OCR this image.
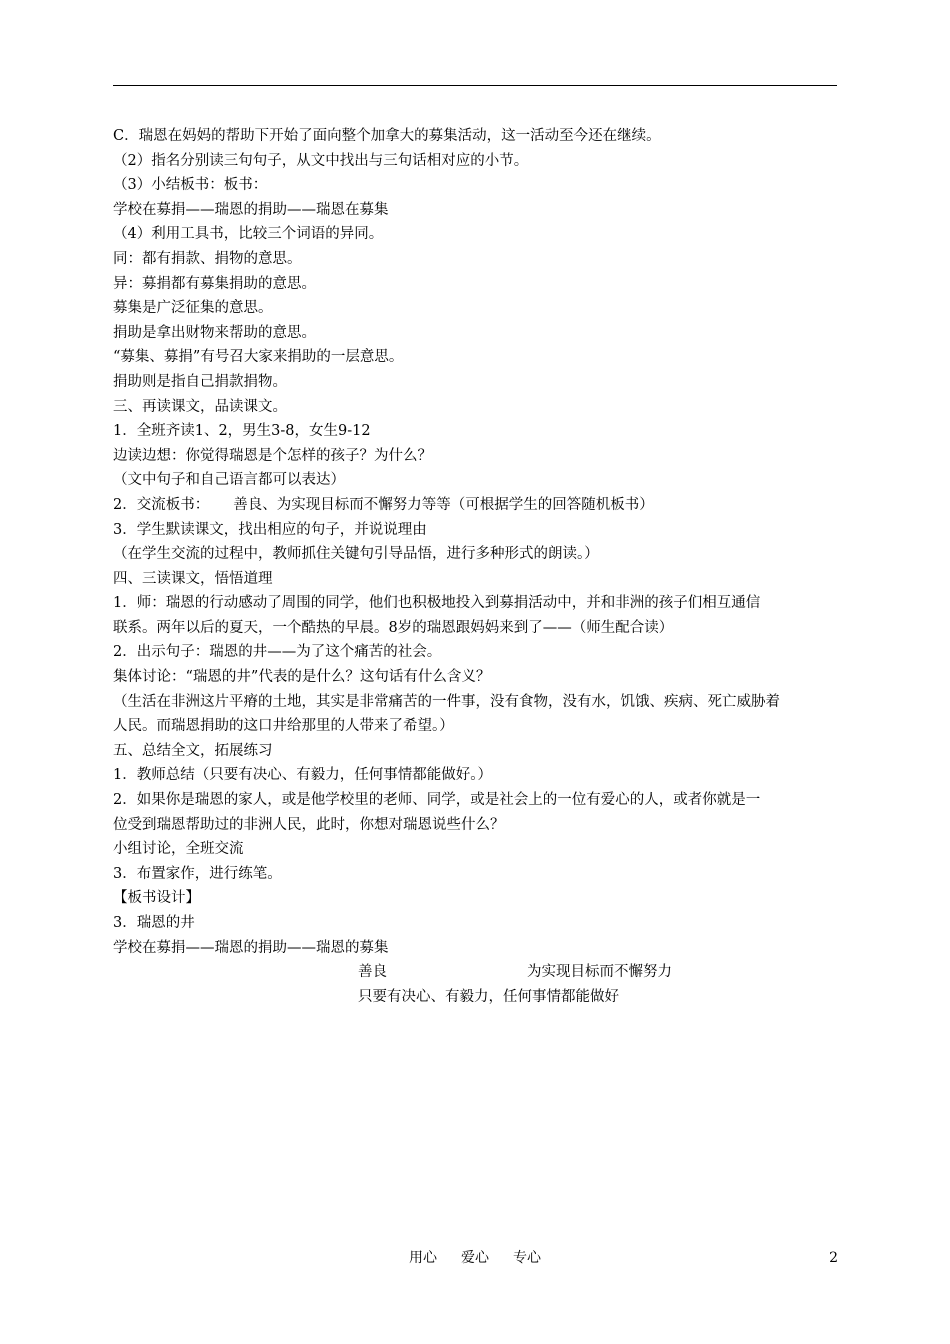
C．瑞恩在妈妈的帮助下开始了面向整个加拿大的募集活动，这一活动至今还在继续。
（2）指名分别读三句句子，从文中找出与三句话相对应的小节。
（3）小结板书：板书：
学校在募捐——瑞恩的捐助——瑞恩在募集
（4）利用工具书，比较三个词语的异同。
同：都有捐款、捐物的意思。
异：募捐都有募集捐助的意思。
募集是广泛征集的意思。
捐助是拿出财物来帮助的意思。
“募集、募捐”有号召大家来捐助的一层意思。
捐助则是指自己捐款捐物。
三、再读课文，品读课文。
1．全班齐读1、2，男生3-8，女生9-12
边读边想：你觉得瑞恩是个怎样的孩子？为什么？
（文中句子和自己语言都可以表达）
2．交流板书： 善良、为实现目标而不懈努力等等（可根据学生的回答随机板书）
3．学生默读课文，找出相应的句子，并说说理由
（在学生交流的过程中，教师抓住关键句引导品悟，进行多种形式的朗读。）
四、三读课文，悟悟道理
1．师：瑞恩的行动感动了周围的同学，他们也积极地投入到募捐活动中，并和非洲的孩子们相互通信
联系。两年以后的夏天，一个酷热的早晨。8岁的瑞恩跟妈妈来到了——（师生配合读）
2．出示句子：瑞恩的井——为了这个痛苦的社会。
集体讨论：“瑞恩的井”代表的是什么？这句话有什么含义？
（生活在非洲这片平瘠的土地，其实是非常痛苦的一件事，没有食物，没有水，饥饿、疾病、死亡威胁着
人民。而瑞恩捐助的这口井给那里的人带来了希望。）
五、总结全文，拓展练习
1．教师总结（只要有决心、有毅力，任何事情都能做好。）
2．如果你是瑞恩的家人，或是他学校里的老师、同学，或是社会上的一位有爱心的人，或者你就是一
位受到瑞恩帮助过的非洲人民，此时，你想对瑞恩说些什么？
小组讨论，全班交流
3．布置家作，进行练笔。
【板书设计】
3．瑞恩的井
学校在募捐——瑞恩的捐助——瑞恩的募集
善良	为实现目标而不懈努力
只要有决心、有毅力，任何事情都能做好
用心 爱心 专心	2
